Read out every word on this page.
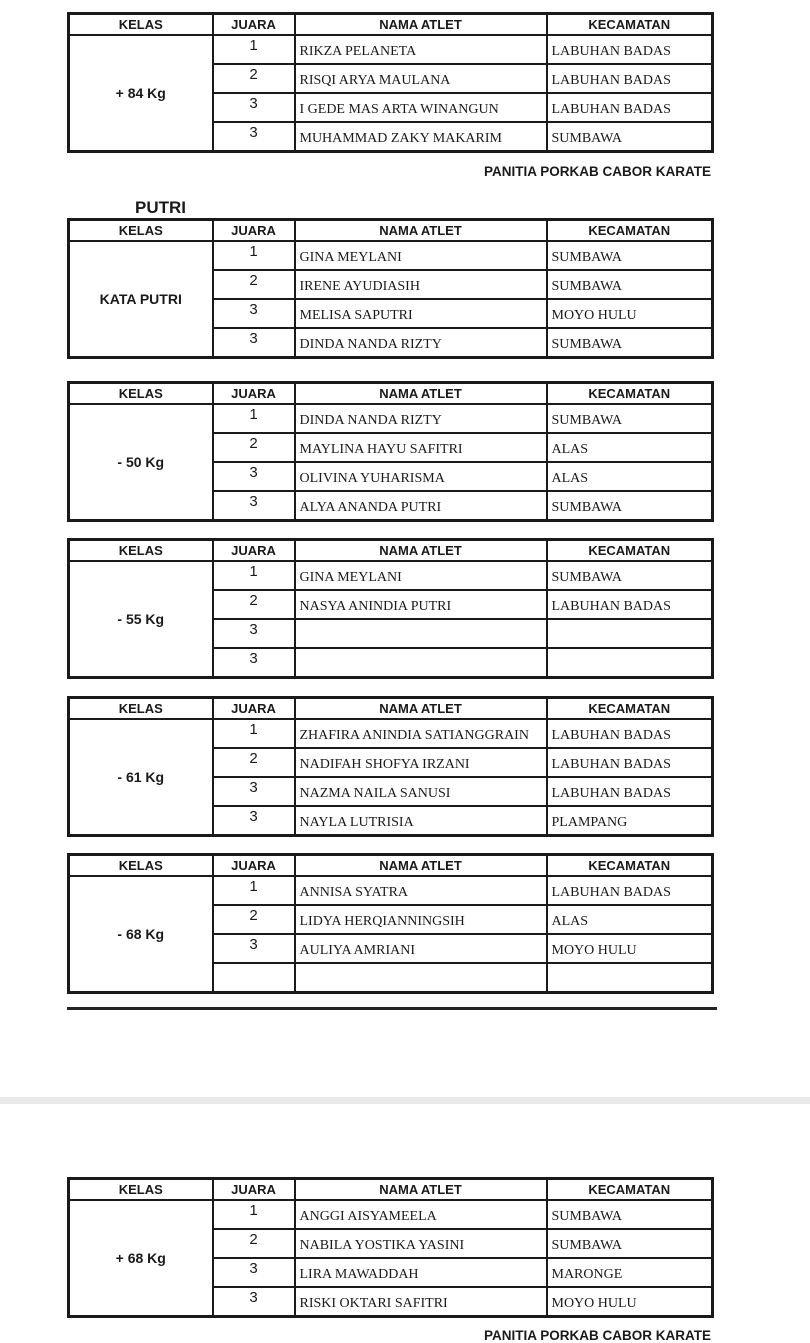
KELAS	JUARA	NAMA ATLET	KECAMATAN
+ 84 Kg	1	RIKZA PELANETA	LABUHAN BADAS
	2	RISQI ARYA MAULANA	LABUHAN BADAS
	3	I GEDE MAS ARTA WINANGUN	LABUHAN BADAS
	3	MUHAMMAD ZAKY MAKARIM	SUMBAWA
PANITIA PORKAB CABOR KARATE
PUTRI
KELAS	JUARA	NAMA ATLET	KECAMATAN
KATA PUTRI	1	GINA MEYLANI	SUMBAWA
	2	IRENE AYUDIASIH	SUMBAWA
	3	MELISA SAPUTRI	MOYO HULU
	3	DINDA NANDA RIZTY	SUMBAWA
KELAS	JUARA	NAMA ATLET	KECAMATAN
- 50 Kg	1	DINDA NANDA RIZTY	SUMBAWA
	2	MAYLINA HAYU SAFITRI	ALAS
	3	OLIVINA YUHARISMA	ALAS
	3	ALYA ANANDA PUTRI	SUMBAWA
KELAS	JUARA	NAMA ATLET	KECAMATAN
- 55 Kg	1	GINA MEYLANI	SUMBAWA
	2	NASYA ANINDIA PUTRI	LABUHAN BADAS
	3		
	3		
KELAS	JUARA	NAMA ATLET	KECAMATAN
- 61 Kg	1	ZHAFIRA ANINDIA SATIANGGRAIN	LABUHAN BADAS
	2	NADIFAH SHOFYA IRZANI	LABUHAN BADAS
	3	NAZMA NAILA SANUSI	LABUHAN BADAS
	3	NAYLA LUTRISIA	PLAMPANG
KELAS	JUARA	NAMA ATLET	KECAMATAN
- 68 Kg	1	ANNISA SYATRA	LABUHAN BADAS
	2	LIDYA HERQIANNINGSIH	ALAS
	3	AULIYA AMRIANI	MOYO HULU

KELAS	JUARA	NAMA ATLET	KECAMATAN
+ 68 Kg	1	ANGGI AISYAMEELA	SUMBAWA
	2	NABILA YOSTIKA YASINI	SUMBAWA
	3	LIRA MAWADDAH	MARONGE
	3	RISKI OKTARI SAFITRI	MOYO HULU
PANITIA PORKAB CABOR KARATE
